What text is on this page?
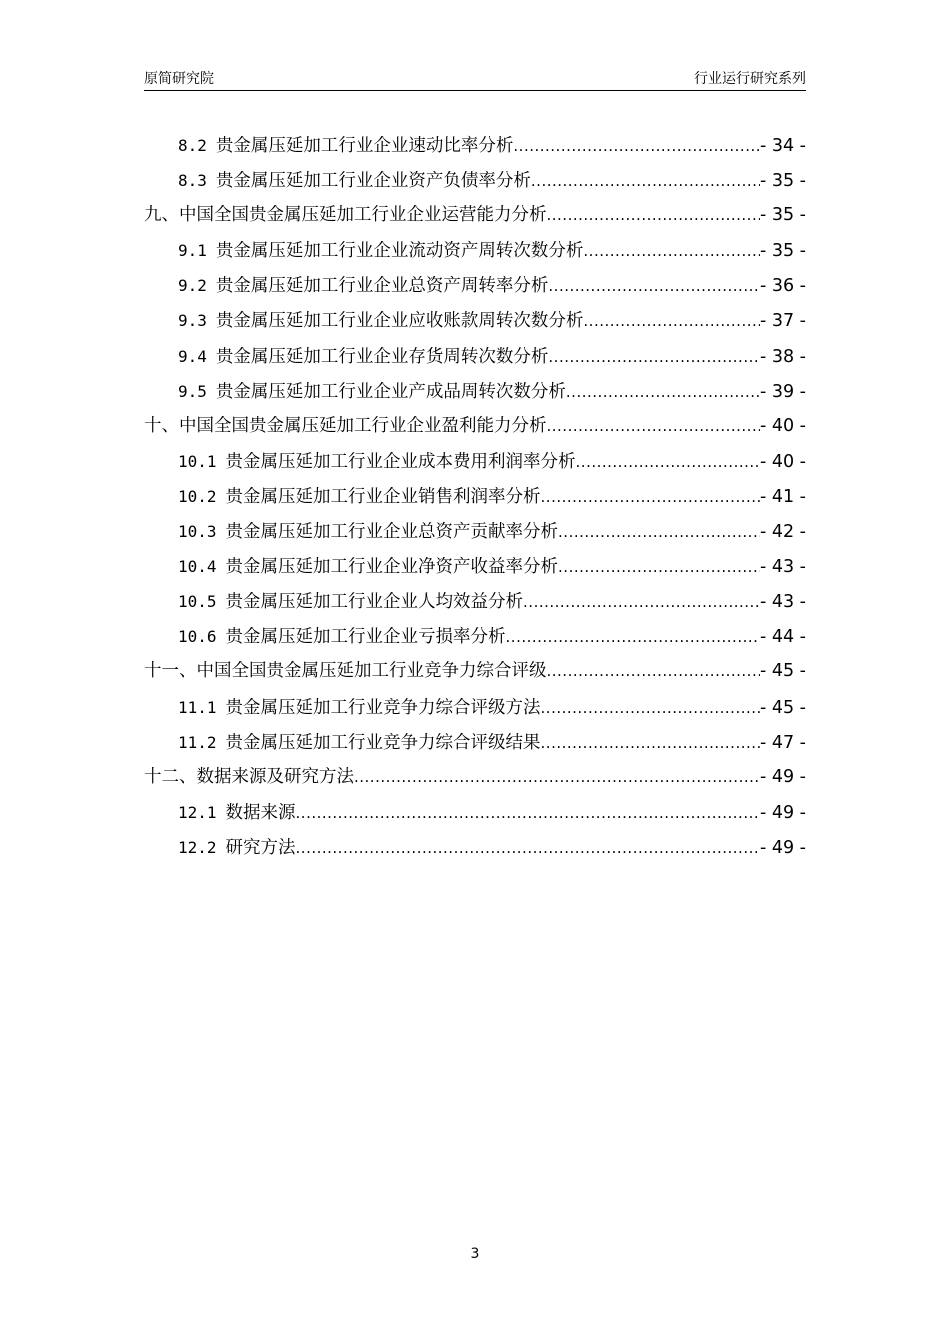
原简研究院	行业运行研究系列
8.2 贵金属压延加工行业企业速动比率分析 .....	- 34 -
8.3 贵金属压延加工行业企业资产负债率分析 .....	- 35 -
九、中国全国贵金属压延加工行业企业运营能力分析 .....	- 35 -
9.1 贵金属压延加工行业企业流动资产周转次数分析 .....	- 35 -
9.2 贵金属压延加工行业企业总资产周转率分析 .....	- 36 -
9.3 贵金属压延加工行业企业应收账款周转次数分析 .....	- 37 -
9.4 贵金属压延加工行业企业存货周转次数分析 .....	- 38 -
9.5 贵金属压延加工行业企业产成品周转次数分析 .....	- 39 -
十、中国全国贵金属压延加工行业企业盈利能力分析 .....	- 40 -
10.1 贵金属压延加工行业企业成本费用利润率分析 .....	- 40 -
10.2 贵金属压延加工行业企业销售利润率分析 .....	- 41 -
10.3 贵金属压延加工行业企业总资产贡献率分析 .....	- 42 -
10.4 贵金属压延加工行业企业净资产收益率分析 .....	- 43 -
10.5 贵金属压延加工行业企业人均效益分析 .....	- 43 -
10.6 贵金属压延加工行业企业亏损率分析 .....	- 44 -
十一、中国全国贵金属压延加工行业竞争力综合评级 .....	- 45 -
11.1 贵金属压延加工行业竞争力综合评级方法 .....	- 45 -
11.2 贵金属压延加工行业竞争力综合评级结果 .....	- 47 -
十二、数据来源及研究方法 .....	- 49 -
12.1 数据来源 .....	- 49 -
12.2 研究方法 .....	- 49 -
3
